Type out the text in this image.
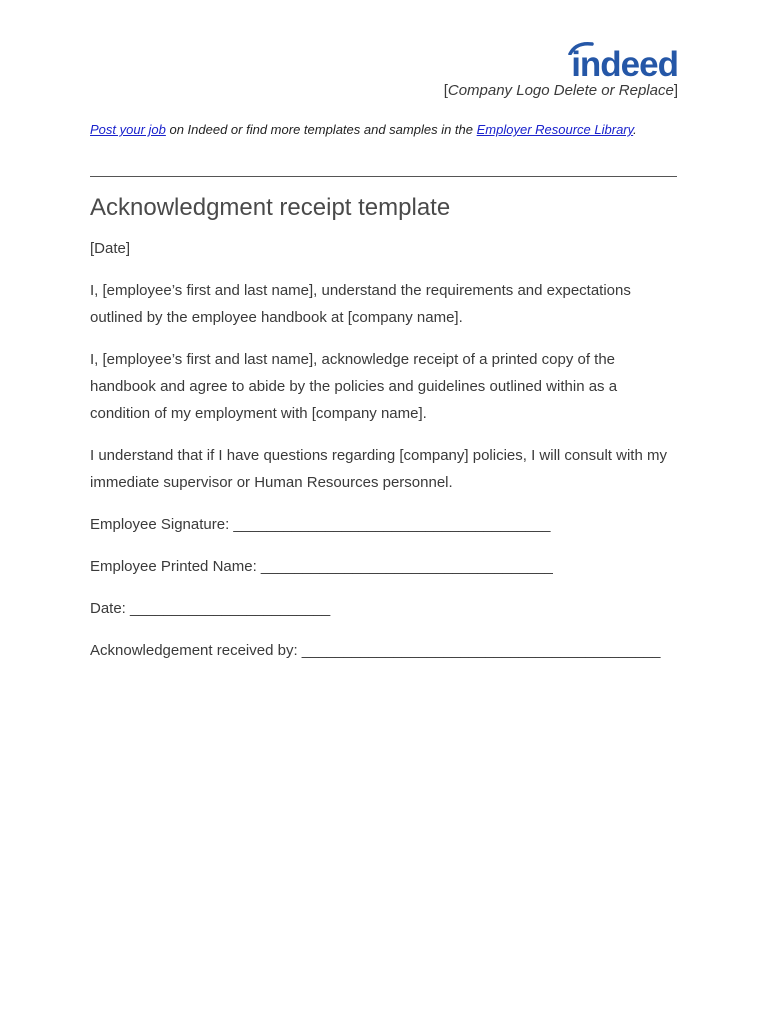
indeed
[Company Logo Delete or Replace]
Post your job on Indeed or find more templates and samples in the Employer Resource Library.
Acknowledgment receipt template

[Date]

I, [employee’s first and last name], understand the requirements and expectations outlined by the employee handbook at [company name].

I, [employee’s first and last name], acknowledge receipt of a printed copy of the handbook and agree to abide by the policies and guidelines outlined within as a condition of my employment with [company name].

I understand that if I have questions regarding [company] policies, I will consult with my immediate supervisor or Human Resources personnel.

Employee Signature: ______________________________________

Employee Printed Name: ___________________________________

Date: ________________________

Acknowledgement received by: ___________________________________________
